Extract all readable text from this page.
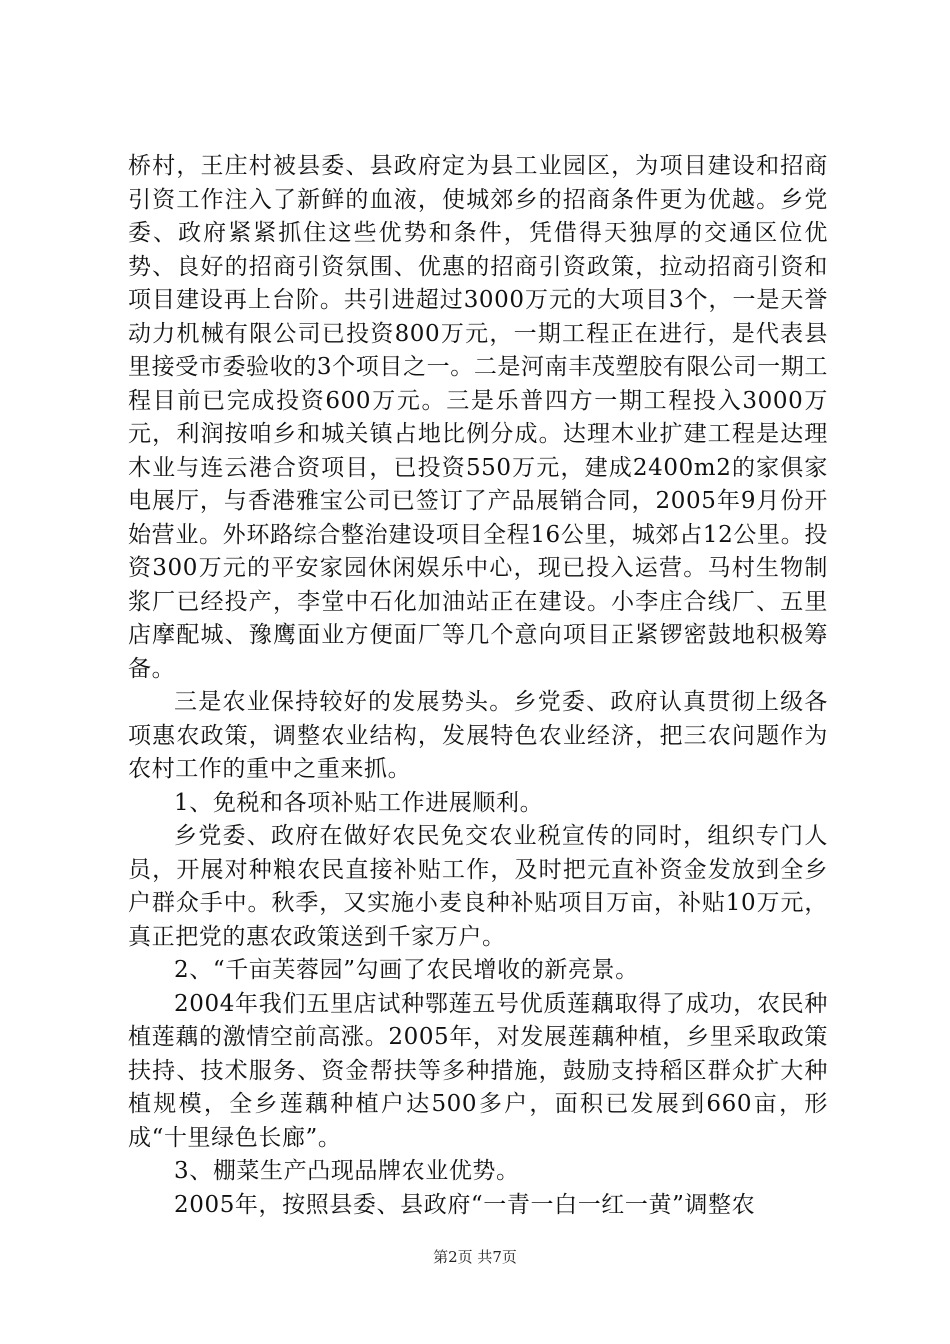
桥村，王庄村被县委、县政府定为县工业园区，为项目建设和招商引资工作注入了新鲜的血液，使城郊乡的招商条件更为优越。乡党委、政府紧紧抓住这些优势和条件，凭借得天独厚的交通区位优势、良好的招商引资氛围、优惠的招商引资政策，拉动招商引资和项目建设再上台阶。共引进超过3000万元的大项目3个，一是天誉动力机械有限公司已投资800万元，一期工程正在进行，是代表县里接受市委验收的3个项目之一。二是河南丰茂塑胶有限公司一期工程目前已完成投资600万元。三是乐普四方一期工程投入3000万元，利润按咱乡和城关镇占地比例分成。达理木业扩建工程是达理木业与连云港合资项目，已投资550万元，建成2400m2的家俱家电展厅，与香港雅宝公司已签订了产品展销合同，2005年9月份开始营业。外环路综合整治建设项目全程16公里，城郊占12公里。投资300万元的平安家园休闲娱乐中心，现已投入运营。马村生物制浆厂已经投产，李堂中石化加油站正在建设。小李庄合线厂、五里店摩配城、豫鹰面业方便面厂等几个意向项目正紧锣密鼓地积极筹备。

三是农业保持较好的发展势头。乡党委、政府认真贯彻上级各项惠农政策，调整农业结构，发展特色农业经济，把三农问题作为农村工作的重中之重来抓。

1、免税和各项补贴工作进展顺利。

乡党委、政府在做好农民免交农业税宣传的同时，组织专门人员，开展对种粮农民直接补贴工作，及时把元直补资金发放到全乡户群众手中。秋季，又实施小麦良种补贴项目万亩，补贴10万元，真正把党的惠农政策送到千家万户。

2、“千亩芙蓉园”勾画了农民增收的新亮景。

2004年我们五里店试种鄂莲五号优质莲藕取得了成功，农民种植莲藕的激情空前高涨。2005年，对发展莲藕种植，乡里采取政策扶持、技术服务、资金帮扶等多种措施，鼓励支持稻区群众扩大种植规模，全乡莲藕种植户达500多户，面积已发展到660亩，形成“十里绿色长廊”。

3、棚菜生产凸现品牌农业优势。

2005年，按照县委、县政府“一青一白一红一黄”调整农

第2页 共7页
